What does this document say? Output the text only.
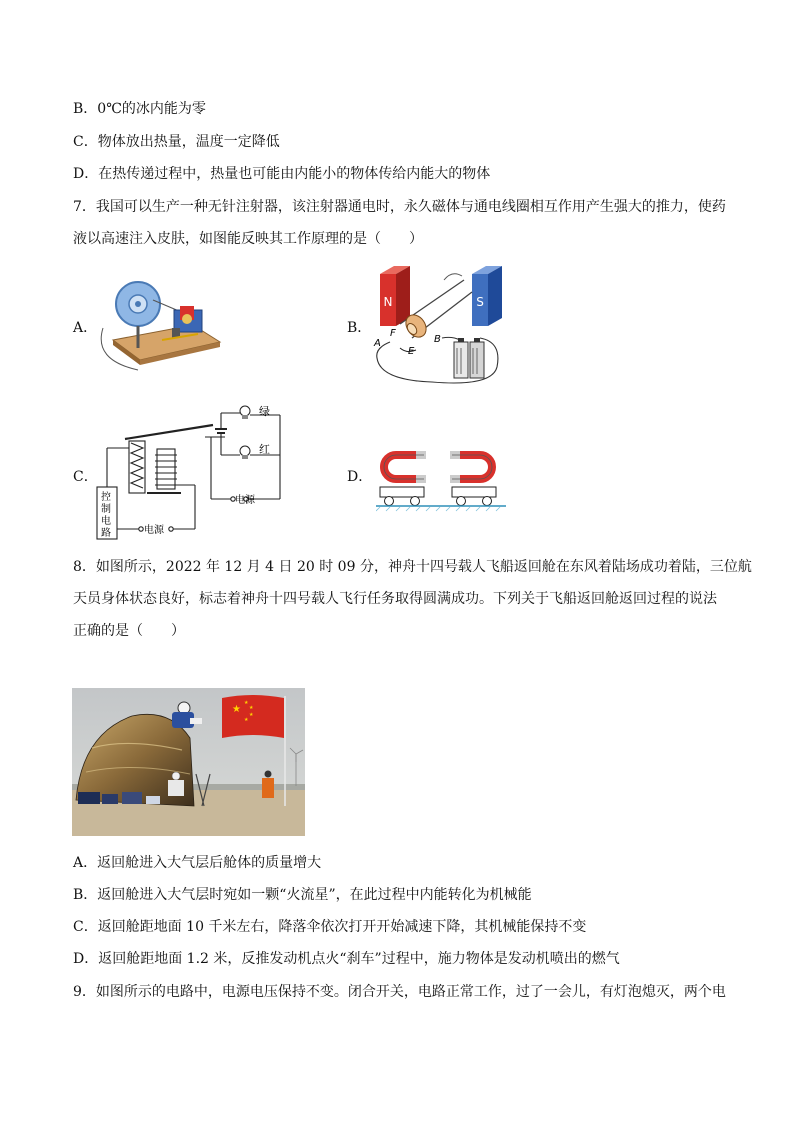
B．0℃的冰内能为零
C．物体放出热量，温度一定降低
D．在热传递过程中，热量也可能由内能小的物体传给内能大的物体
7．我国可以生产一种无针注射器，该注射器通电时，永久磁体与通电线圈相互作用产生强大的推力，使药
液以高速注入皮肤，如图能反映其工作原理的是（　　）
A．	B．
C．	D．
N	S
A
F
E
B
绿
红
控
制
电
路	电源
电源
8．如图所示，2022 年 12 月 4 日 20 时 09 分，神舟十四号载人飞船返回舱在东风着陆场成功着陆，三位航
天员身体状态良好，标志着神舟十四号载人飞行任务取得圆满成功。下列关于飞船返回舱返回过程的说法
正确的是（　　）
★
★
★
★
★
A．返回舱进入大气层后舱体的质量增大
B．返回舱进入大气层时宛如一颗“火流星”，在此过程中内能转化为机械能
C．返回舱距地面 10 千米左右，降落伞依次打开开始减速下降，其机械能保持不变
D．返回舱距地面 1.2 米，反推发动机点火“刹车”过程中，施力物体是发动机喷出的燃气
9．如图所示的电路中，电源电压保持不变。闭合开关，电路正常工作，过了一会儿，有灯泡熄灭，两个电
